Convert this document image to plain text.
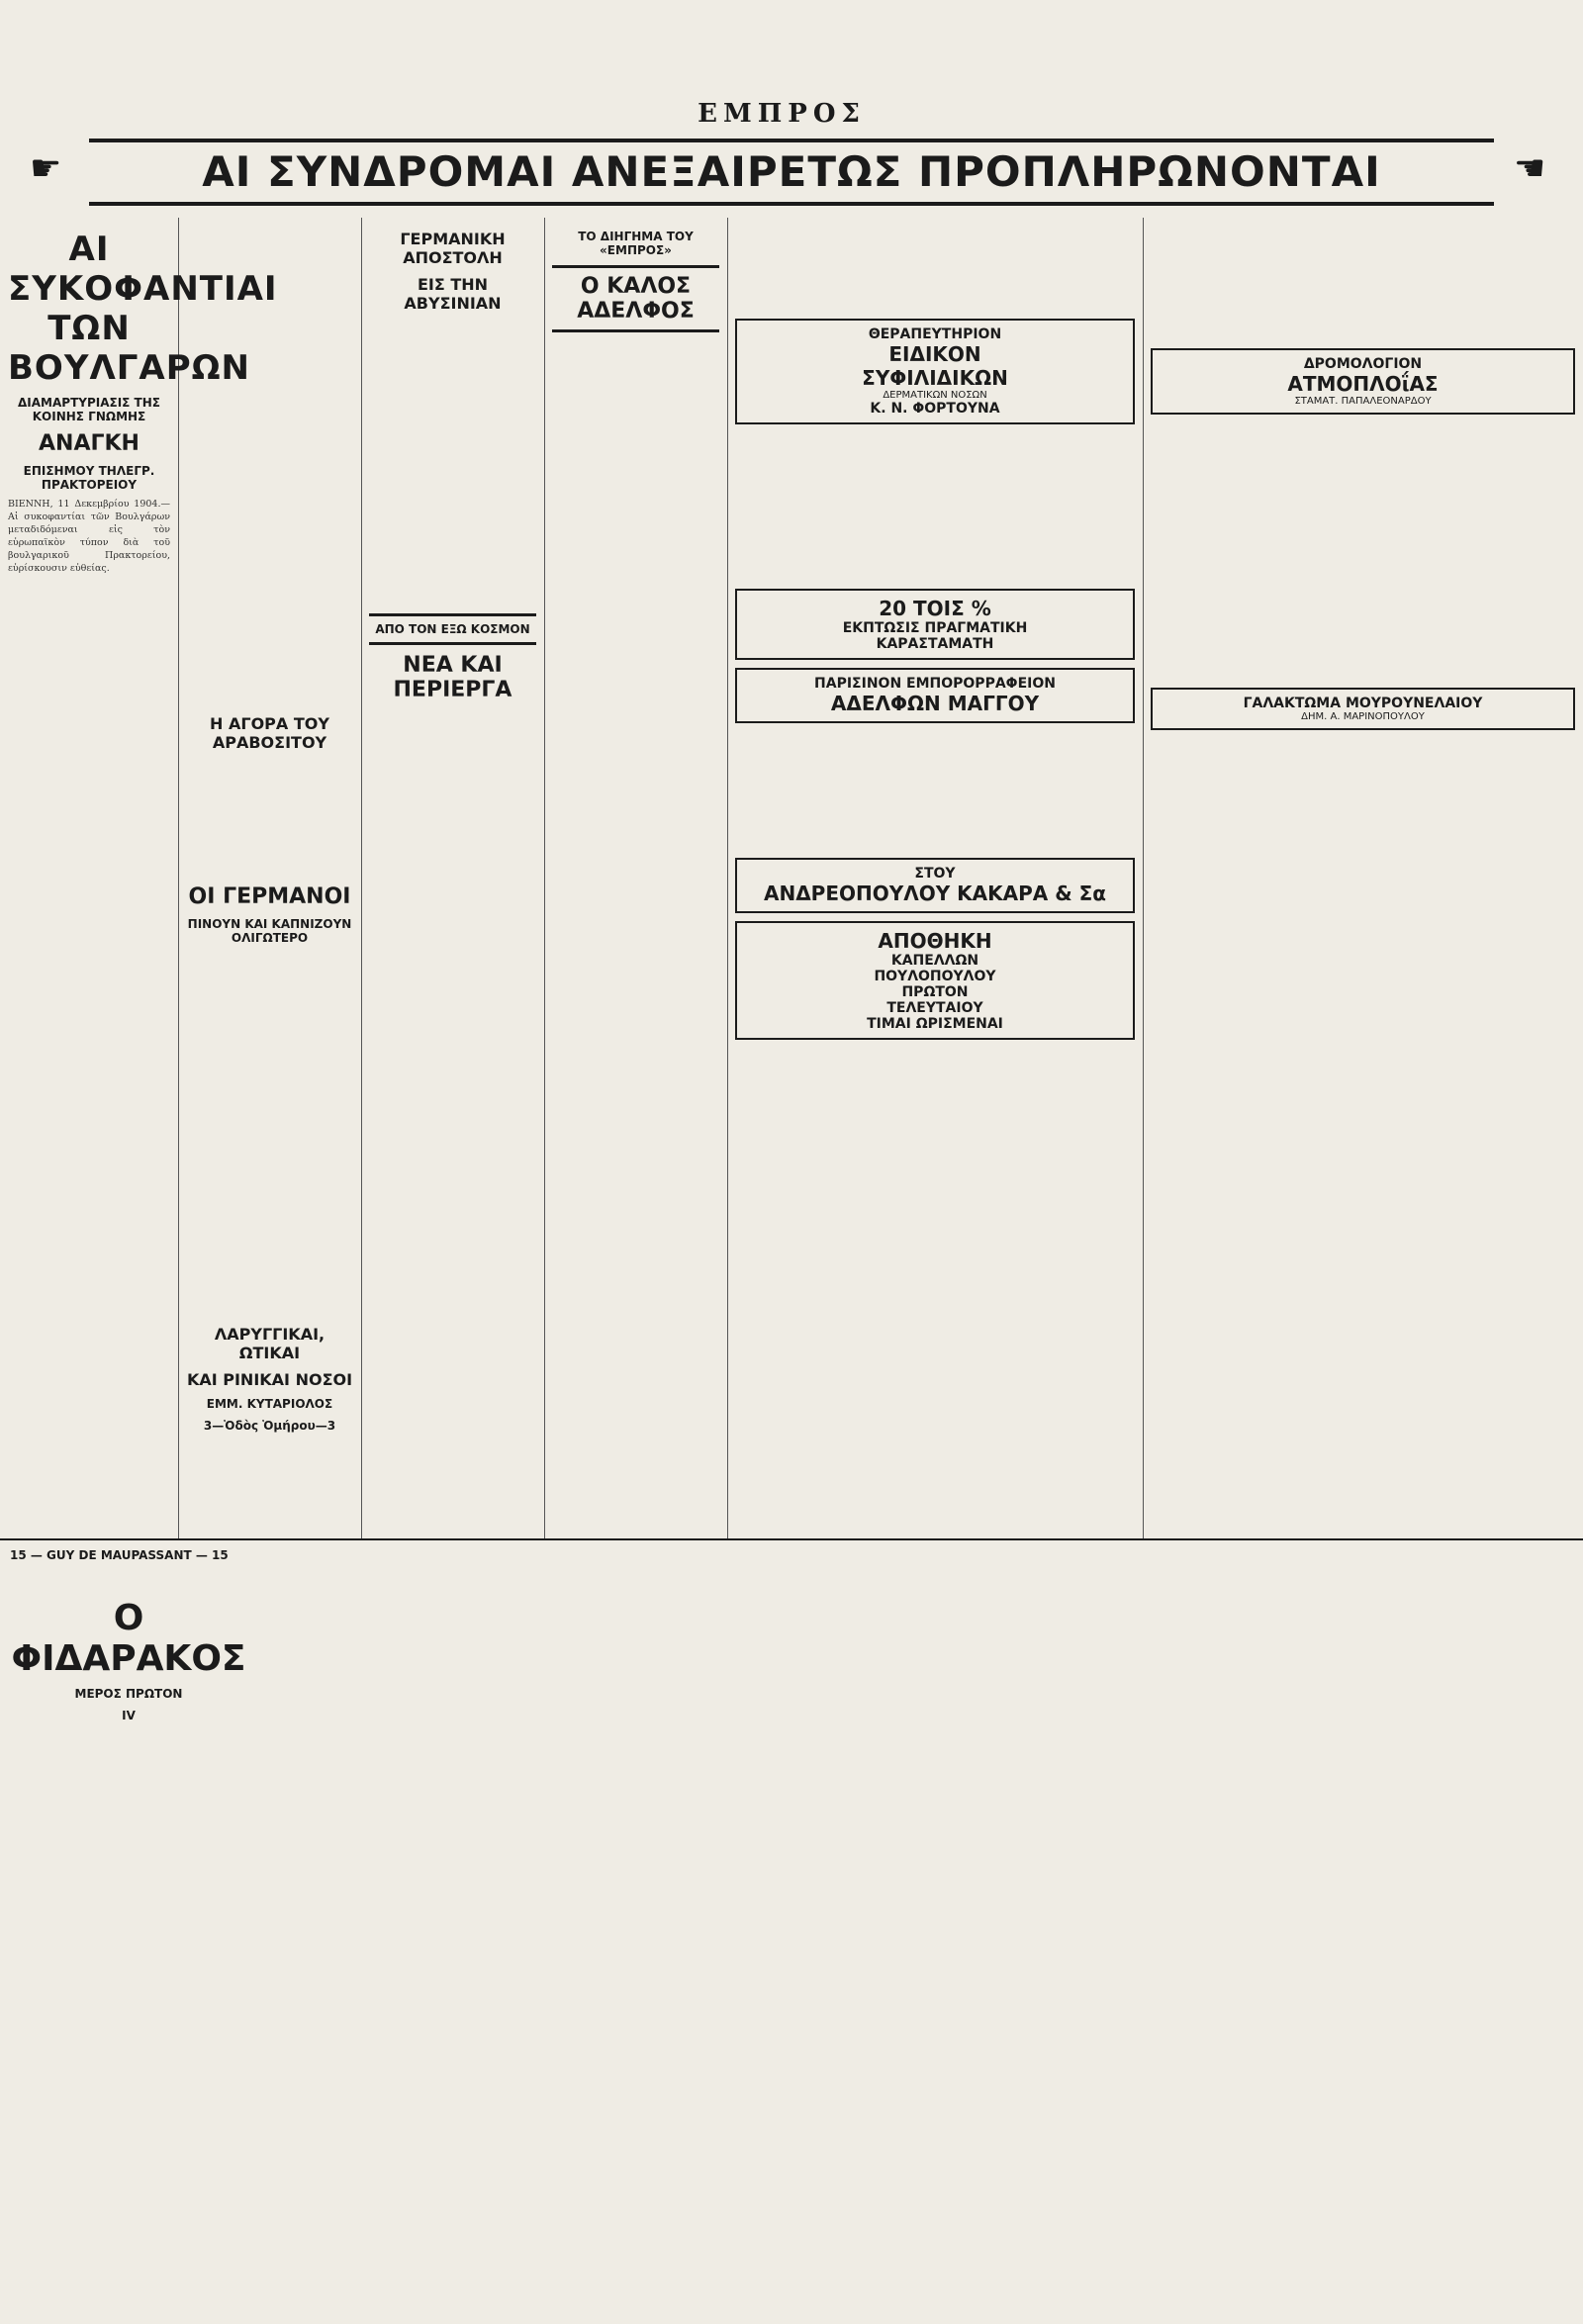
ΕΜΠΡΟΣ
☛	ΑΙ ΣΥΝΔΡΟΜΑΙ ΑΝΕΞΑΙΡΕΤΩΣ ΠΡΟΠΛΗΡΩΝΟΝΤΑΙ	☚
ΑΙ ΣΥΚΟΦΑΝΤΙΑΙ ΤΩΝ ΒΟΥΛΓΑΡΩΝ
ΔΙΑΜΑΡΤΥΡΙΑΣΙΣ ΤΗΣ ΚΟΙΝΗΣ ΓΝΩΜΗΣ
ΑΝΑΓΚΗ
ΕΠΙΣΗΜΟΥ ΤΗΛΕΓΡ. ΠΡΑΚΤΟΡΕΙΟΥ
ΒΙΕΝΝΗ, 11 Δεκεμβρίου 1904.— Αἱ συκοφαντίαι τῶν Βουλγάρων μεταδιδόμεναι εἰς τὸν εὐρωπαϊκὸν τύπον διὰ τοῦ βουλγαρικοῦ Πρακτορείου, εὑρίσκουσιν εὐθείας.
Η ΑΓΟΡΑ ΤΟΥ ΑΡΑΒΟΣΙΤΟΥ
ΟΙ ΓΕΡΜΑΝΟΙ
ΠΙΝΟΥΝ ΚΑΙ ΚΑΠΝΙΖΟΥΝ ΟΛΙΓΩΤΕΡΟ
ΛΑΡΥΓΓΙΚΑΙ, ΩΤΙΚΑΙ
ΚΑΙ ΡΙΝΙΚΑΙ ΝΟΣΟΙ
ΕΜΜ. ΚΥΤΑΡΙΟΛΟΣ
3—Ὁδὸς Ὁμήρου—3
ΓΕΡΜΑΝΙΚΗ ΑΠΟΣΤΟΛΗ
ΕΙΣ ΤΗΝ ΑΒΥΣΙΝΙΑΝ
ΑΠΟ ΤΟΝ ΕΞΩ ΚΟΣΜΟΝ
ΝΕΑ ΚΑΙ ΠΕΡΙΕΡΓΑ
ΤΟ ΔΙΗΓΗΜΑ ΤΟΥ «ΕΜΠΡΟΣ»
Ο ΚΑΛΟΣ ΑΔΕΛΦΟΣ
ΘΕΡΑΠΕΥΤΗΡΙΟΝ
ΕΙΔΙΚΟΝ
ΣΥΦΙΛΙΔΙΚΩΝ
ΔΕΡΜΑΤΙΚΩΝ ΝΟΣΩΝ
Κ. Ν. ΦΟΡΤΟΥΝΑ
20 ΤΟΙΣ %
ΕΚΠΤΩΣΙΣ ΠΡΑΓΜΑΤΙΚΗ
ΚΑΡΑΣΤΑΜΑΤΗ
ΠΑΡΙΣΙΝΟΝ ΕΜΠΟΡΟΡΡΑΦΕΙΟΝ
ΑΔΕΛΦΩΝ ΜΑΓΓΟΥ
ΣΤΟΥ
ΑΝΔΡΕΟΠΟΥΛΟΥ ΚΑΚΑΡΑ & Σα
ΑΠΟΘΗΚΗ
ΚΑΠΕΛΛΩΝ
ΠΟΥΛΟΠΟΥΛΟΥ
ΠΡΩΤΟΝ
ΤΕΛΕΥΤΑΙΟΥ
ΤΙΜΑΙ ΩΡΙΣΜΕΝΑΙ
ΔΡΟΜΟΛΟΓΙΟΝ
ΑΤΜΟΠΛΟΐΑΣ
ΣΤΑΜΑΤ. ΠΑΠΑΛΕΟΝΑΡΔΟΥ
ΓΑΛΑΚΤΩΜΑ ΜΟΥΡΟΥΝΕΛΑΙΟΥ
ΔΗΜ. Α. ΜΑΡΙΝΟΠΟΥΛΟΥ
15 — GUY DE MAUPASSANT — 15
Ο ΦΙΔΑΡΑΚΟΣ
ΜΕΡΟΣ ΠΡΩΤΟΝ
IV
